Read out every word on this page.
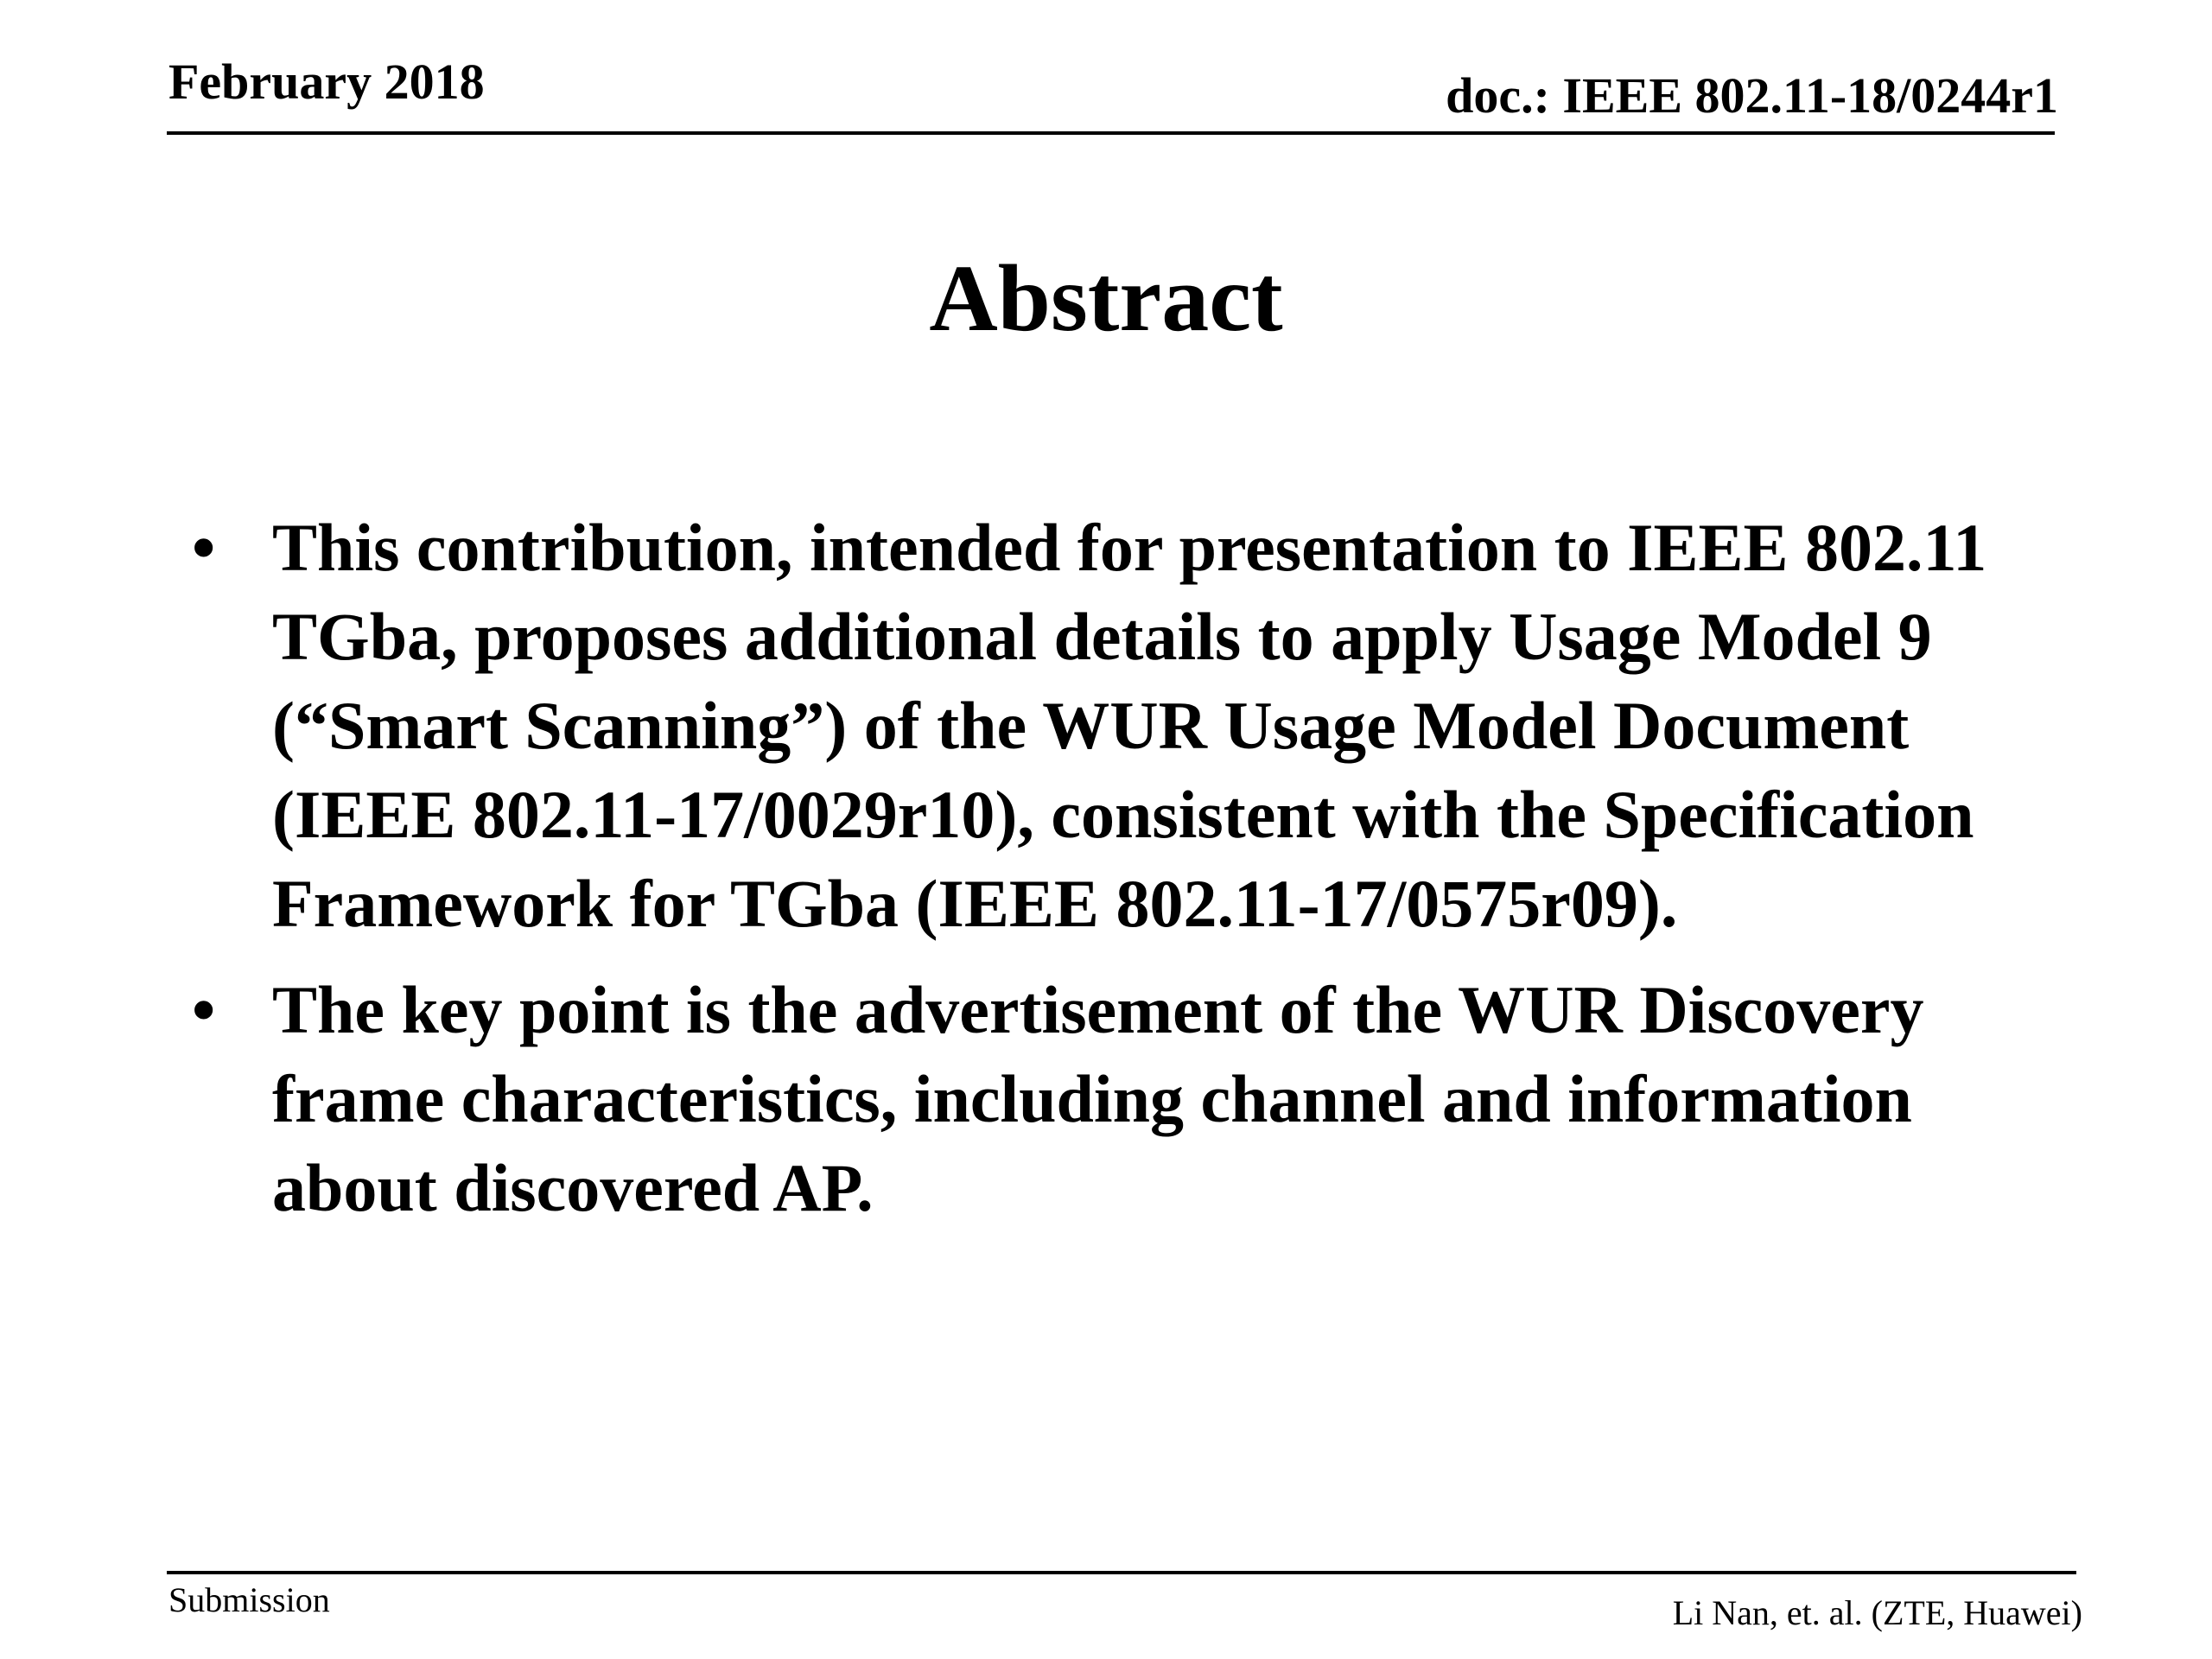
February 2018	doc.: IEEE 802.11-18/0244r1
Abstract
• This contribution, intended for presentation to IEEE 802.11 TGba, proposes additional details to apply Usage Model 9 (“Smart Scanning”) of the WUR Usage Model Document (IEEE 802.11-17/0029r10), consistent with the Specification Framework for TGba (IEEE 802.11-17/0575r09).
• The key point is the advertisement of the WUR Discovery frame characteristics, including channel and information about discovered AP.
Submission	Li Nan, et. al. (ZTE, Huawei)
